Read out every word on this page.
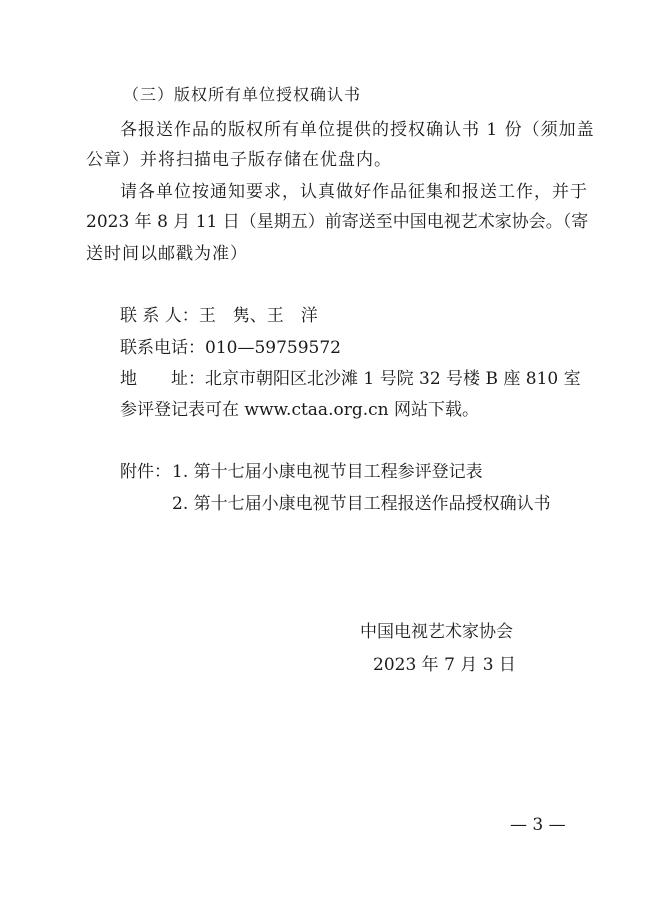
（三）版权所有单位授权确认书
各报送作品的版权所有单位提供的授权确认书 1 份（须加盖
公章）并将扫描电子版存储在优盘内。
请各单位按通知要求，认真做好作品征集和报送工作，并于
2023 年 8 月 11 日（星期五）前寄送至中国电视艺术家协会。（寄
送时间以邮戳为准）
联 系 人：王　隽、王　洋
联系电话：010—59759572
地　　址：北京市朝阳区北沙滩 1 号院 32 号楼 B 座 810 室
参评登记表可在 www.ctaa.org.cn 网站下载。
附件： 1. 第十七届小康电视节目工程参评登记表
2. 第十七届小康电视节目工程报送作品授权确认书
中国电视艺术家协会
2023 年 7 月 3 日
— 3 —
